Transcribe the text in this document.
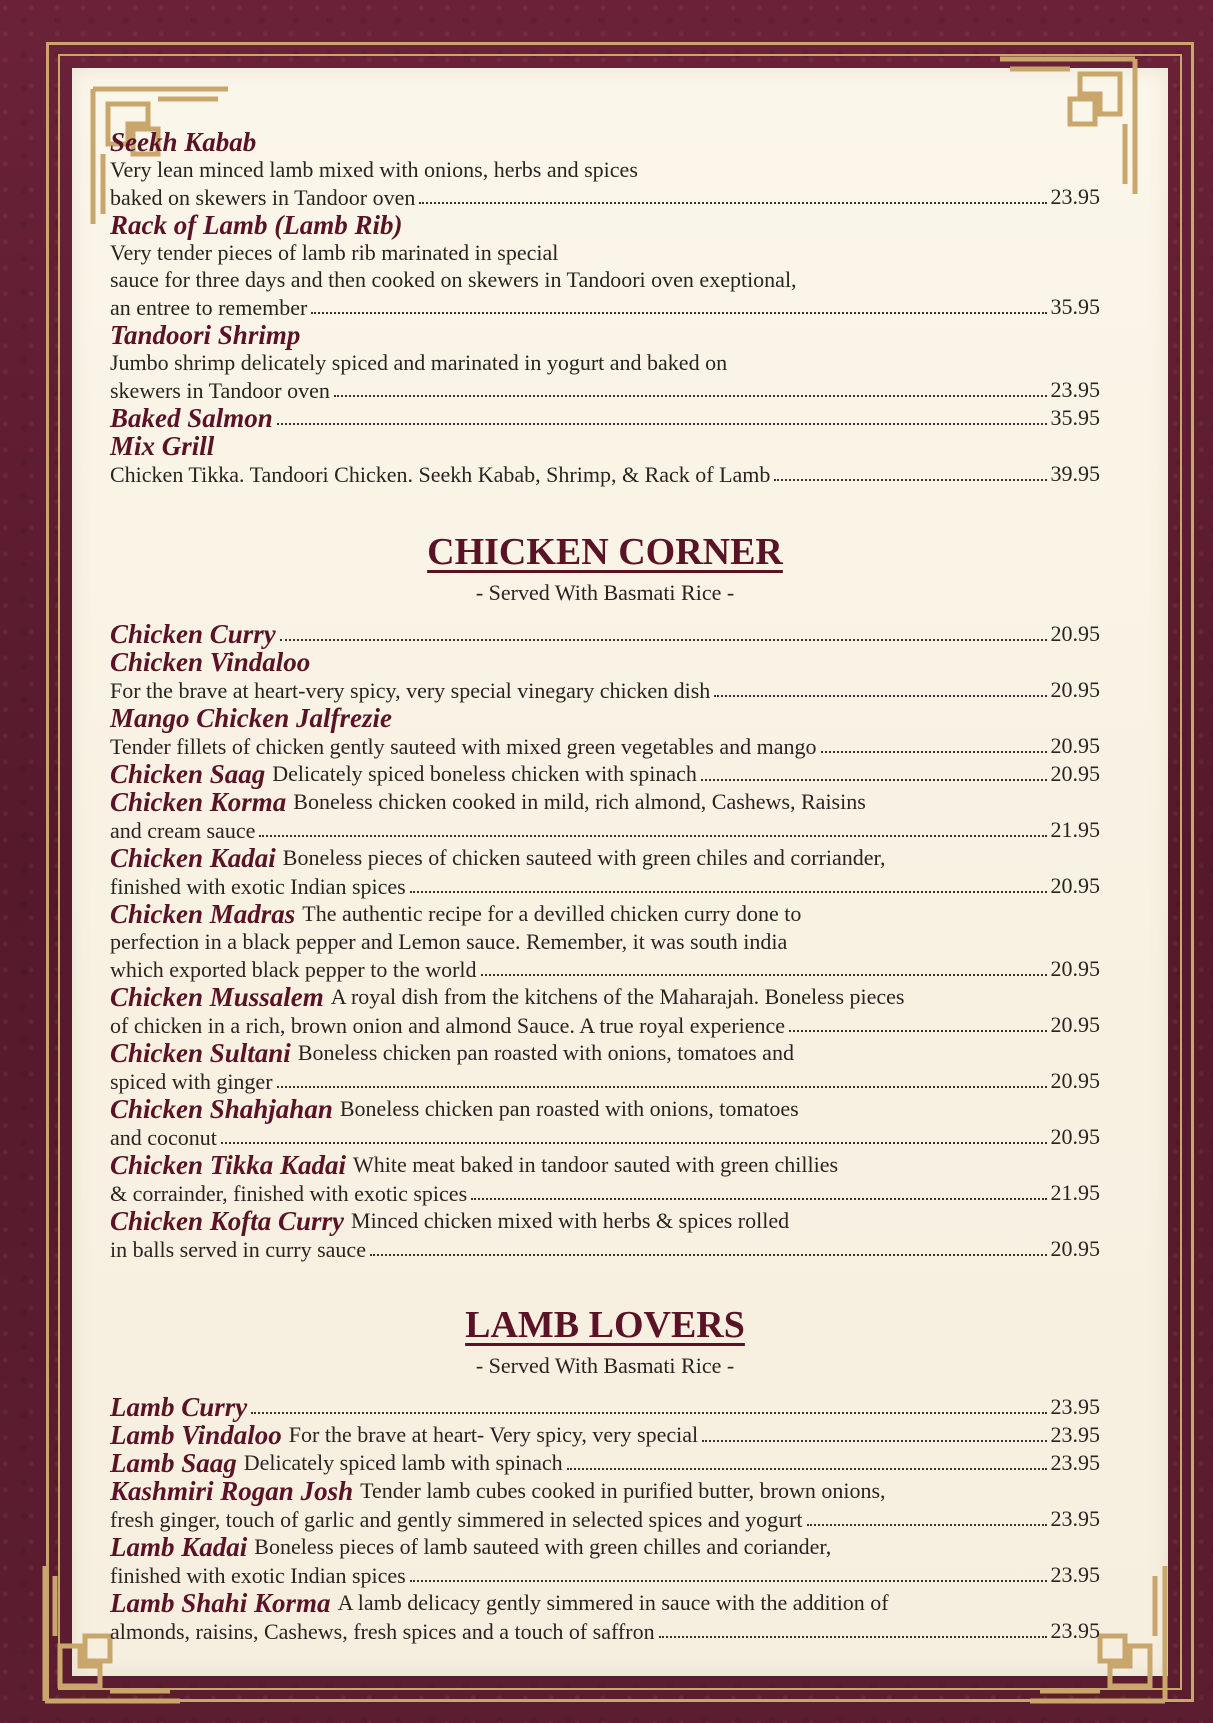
Seekh Kabab
Very lean minced lamb mixed with onions, herbs and spices
baked on skewers in Tandoor oven	23.95
Rack of Lamb (Lamb Rib)
Very tender pieces of lamb rib marinated in special
sauce for three days and then cooked on skewers in Tandoori oven exeptional,
an entree to remember	35.95
Tandoori Shrimp
Jumbo shrimp delicately spiced and marinated in yogurt and baked on
skewers in Tandoor oven	23.95
Baked Salmon	35.95
Mix Grill
Chicken Tikka. Tandoori Chicken. Seekh Kabab, Shrimp, & Rack of Lamb	39.95
CHICKEN CORNER
- Served With Basmati Rice -
Chicken Curry	20.95
Chicken Vindaloo
For the brave at heart-very spicy, very special vinegary chicken dish	20.95
Mango Chicken Jalfrezie
Tender fillets of chicken gently sauteed with mixed green vegetables and mango	20.95
Chicken Saag Delicately spiced boneless chicken with spinach	20.95
Chicken Korma Boneless chicken cooked in mild, rich almond, Cashews, Raisins
and cream sauce	21.95
Chicken Kadai Boneless pieces of chicken sauteed with green chiles and corriander,
finished with exotic Indian spices	20.95
Chicken Madras The authentic recipe for a devilled chicken curry done to
perfection in a black pepper and Lemon sauce. Remember, it was south india
which exported black pepper to the world	20.95
Chicken Mussalem A royal dish from the kitchens of the Maharajah. Boneless pieces
of chicken in a rich, brown onion and almond Sauce. A true royal experience	20.95
Chicken Sultani Boneless chicken pan roasted with onions, tomatoes and
spiced with ginger	20.95
Chicken Shahjahan Boneless chicken pan roasted with onions, tomatoes
and coconut	20.95
Chicken Tikka Kadai White meat baked in tandoor sauted with green chillies
& corrainder, finished with exotic spices	21.95
Chicken Kofta Curry Minced chicken mixed with herbs & spices rolled
in balls served in curry sauce	20.95
LAMB LOVERS
- Served With Basmati Rice -
Lamb Curry	23.95
Lamb Vindaloo For the brave at heart- Very spicy, very special	23.95
Lamb Saag Delicately spiced lamb with spinach	23.95
Kashmiri Rogan Josh Tender lamb cubes cooked in purified butter, brown onions,
fresh ginger, touch of garlic and gently simmered in selected spices and yogurt	23.95
Lamb Kadai Boneless pieces of lamb sauteed with green chilles and coriander,
finished with exotic Indian spices	23.95
Lamb Shahi Korma A lamb delicacy gently simmered in sauce with the addition of
almonds, raisins, Cashews, fresh spices and a touch of saffron	23.95
